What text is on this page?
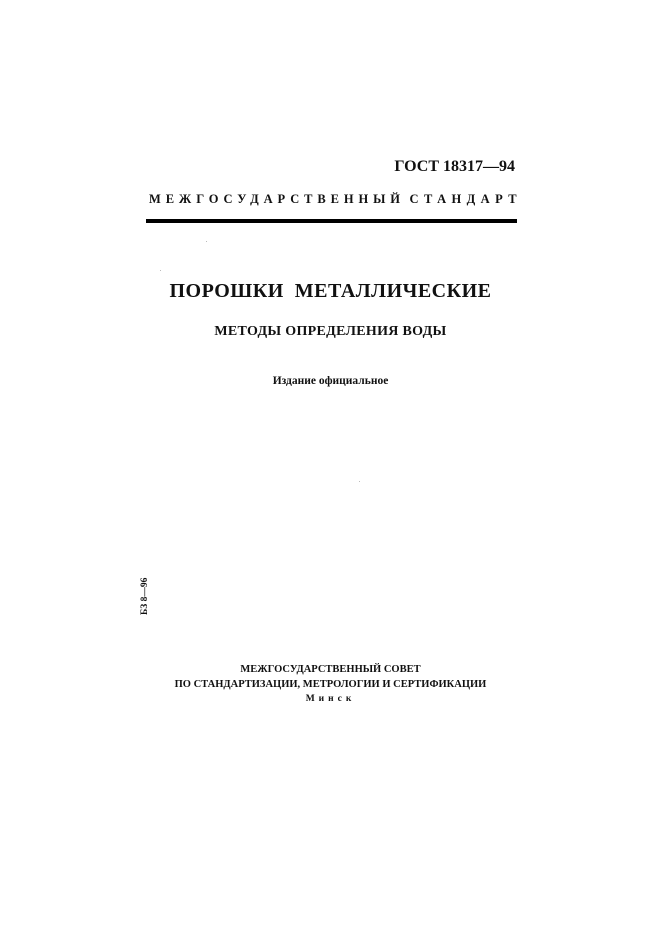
ГОСТ 18317—94
МЕЖГОСУДАРСТВЕННЫЙ СТАНДАРТ
ПОРОШКИ  МЕТАЛЛИЧЕСКИЕ
МЕТОДЫ ОПРЕДЕЛЕНИЯ ВОДЫ
Издание официальное
БЗ 8—96
МЕЖГОСУДАРСТВЕННЫЙ СОВЕТ
ПО СТАНДАРТИЗАЦИИ, МЕТРОЛОГИИ И СЕРТИФИКАЦИИ
Минск
